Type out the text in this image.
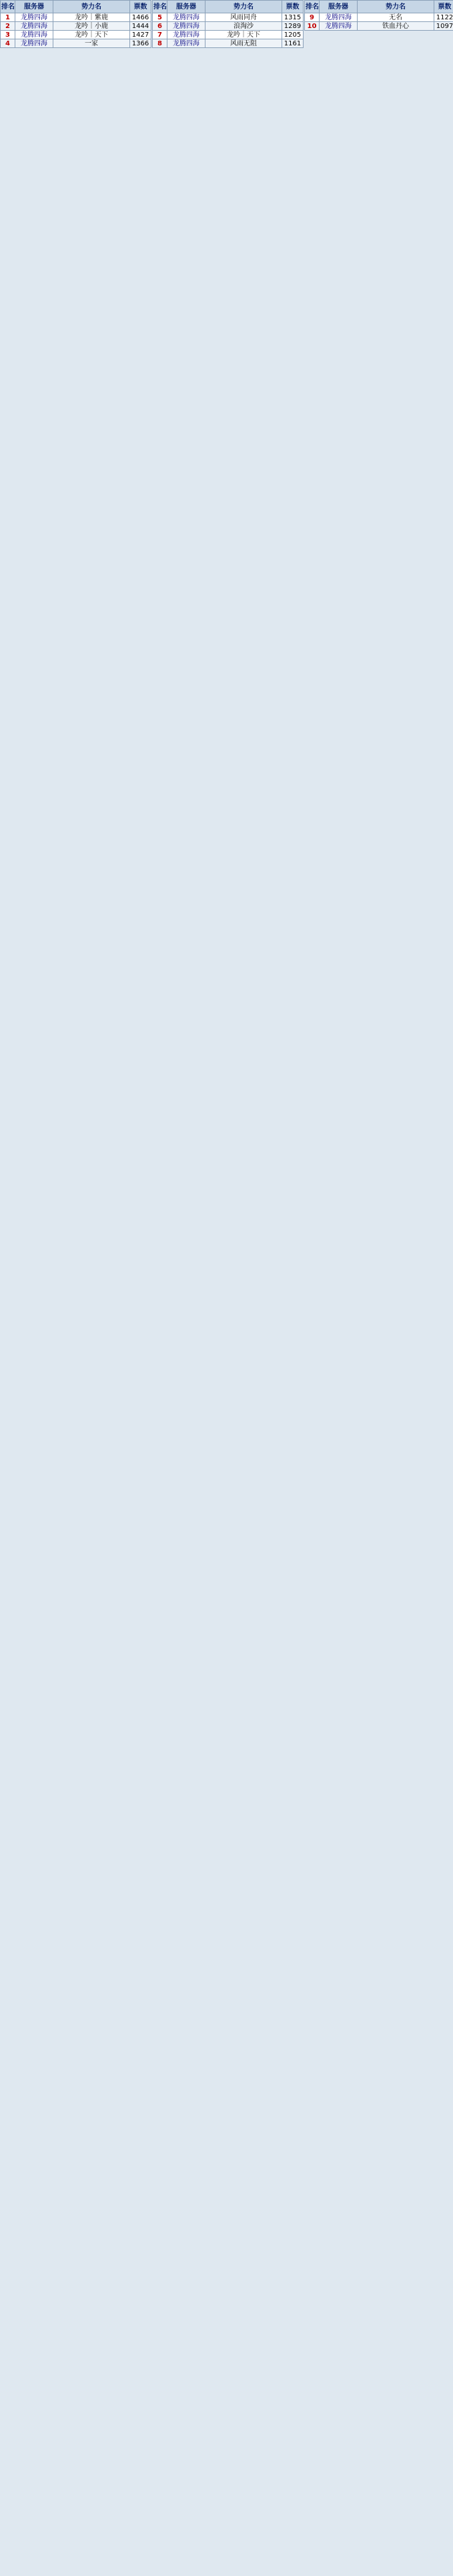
排名	服务器	势力名	票数
1	龙腾四海	龙吟｜紫鹿	1466
2	龙腾四海	龙吟｜小鹿	1444
3	龙腾四海	龙吟｜天下	1427
4	龙腾四海	一家	1366
排名	服务器	势力名	票数
5	龙腾四海	风雨同舟	1315
6	龙腾四海	浪淘沙	1289
7	龙腾四海	龙吟｜天下	1205
8	龙腾四海	风雨无阻	1161
排名	服务器	势力名	票数
9	龙腾四海	无名	1122
10	龙腾四海	铁血丹心	1097
